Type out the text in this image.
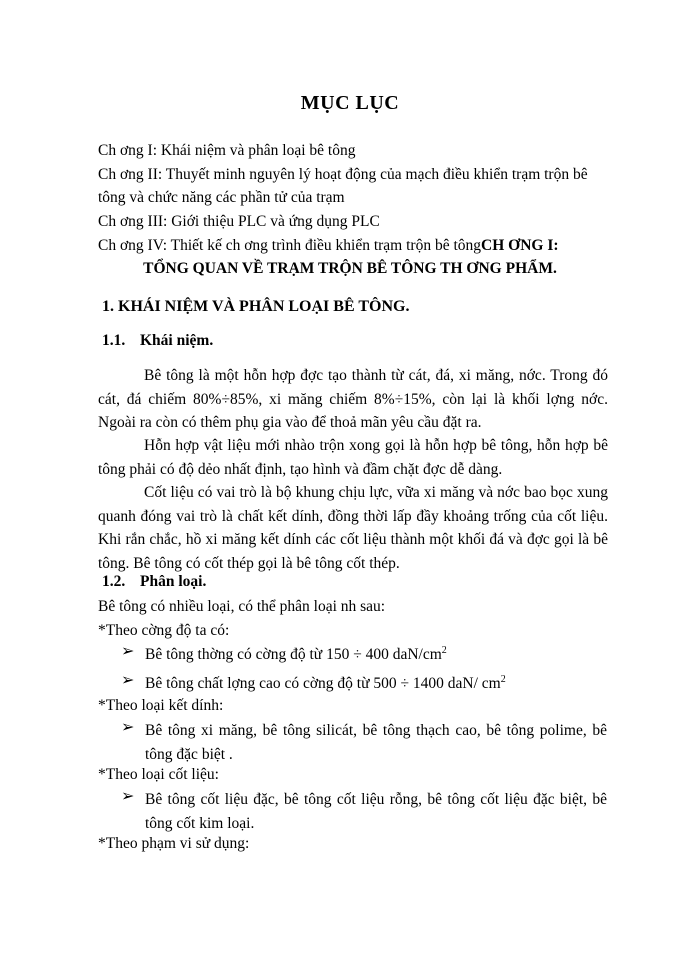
MỤC LỤC
Ch ơng I: Khái niệm và phân loại bê tông
Ch ơng II: Thuyết minh nguyên lý hoạt động của mạch điều khiển trạm trộn bê
tông và chức năng các phần tử của trạm
Ch ơng III: Giới thiệu PLC và ứng dụng PLC
Ch ơng IV: Thiết kế ch ơng trình điều khiển trạm trộn bê tôngCH ƠNG I:
TỔNG QUAN VỀ TRẠM TRỘN BÊ TÔNG TH ƠNG PHẨM.
1. KHÁI NIỆM VÀ PHÂN LOẠI BÊ TÔNG.
1.1. Khái niệm.
Bê tông là một hỗn hợp đợc tạo thành từ cát, đá, xi măng, nớc. Trong đó cát, đá chiếm 80%÷85%, xi măng chiếm 8%÷15%, còn lại là khối lợng nớc. Ngoài ra còn có thêm phụ gia vào để thoả mãn yêu cầu đặt ra.
Hỗn hợp vật liệu mới nhào trộn xong gọi là hỗn hợp bê tông, hỗn hợp bê tông phải có độ dẻo nhất định, tạo hình và đầm chặt đợc dễ dàng.
Cốt liệu có vai trò là bộ khung chịu lực, vữa xi măng và nớc bao bọc xung quanh đóng vai trò là chất kết dính, đồng thời lấp đầy khoảng trống của cốt liệu. Khi rắn chắc, hồ xi măng kết dính các cốt liệu thành một khối đá và đợc gọi là bê tông. Bê tông có cốt thép gọi là bê tông cốt thép.
1.2. Phân loại.
Bê tông có nhiều loại, có thể phân loại nh sau:
*Theo cờng độ ta có:
➢ Bê tông thờng có cờng độ từ 150 ÷ 400 daN/$cm^2$
➢ Bê tông chất lợng cao có cờng độ từ 500 ÷ 1400 daN/ $cm^2$
*Theo loại kết dính:
➢ Bê tông xi măng, bê tông silicát, bê tông thạch cao, bê tông polime, bê tông đặc biệt .
*Theo loại cốt liệu:
➢ Bê tông cốt liệu đặc, bê tông cốt liệu rỗng, bê tông cốt liệu đặc biệt, bê tông cốt kim loại.
*Theo phạm vi sử dụng:
